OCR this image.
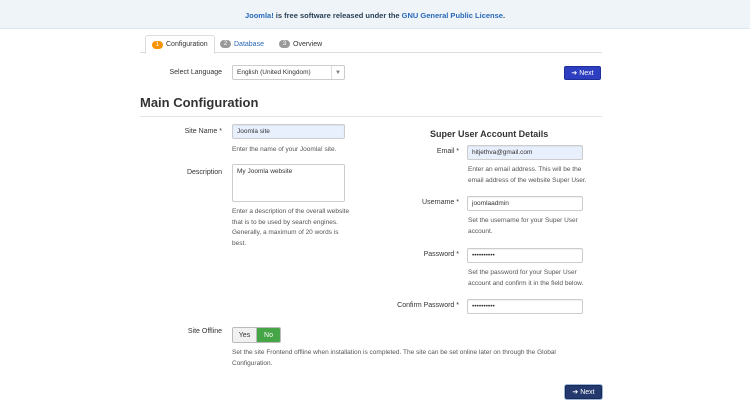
Joomla! is free software released under the GNU General Public License.
1 Configuration	2 Database	3 Overview
Select Language English (United Kingdom)	▼	➔ Next
Main Configuration
Site Name *	Joomla site
Enter the name of your Joomla! site.
Description	My Joomla website
Enter a description of the overall website
that is to be used by search engines.
Generally, a maximum of 20 words is
best.
Super User Account Details
Email *	hitjethva@gmail.com
Enter an email address. This will be the
email address of the website Super User.
Username *	joomlaadmin
Set the username for your Super User
account.
Password *	••••••••••
Set the password for your Super User
account and confirm it in the field below.
Confirm Password *	••••••••••
Site Offline	Yes	No
Set the site Frontend offline when installation is completed. The site can be set online later on through the Global
Configuration.
➔ Next
